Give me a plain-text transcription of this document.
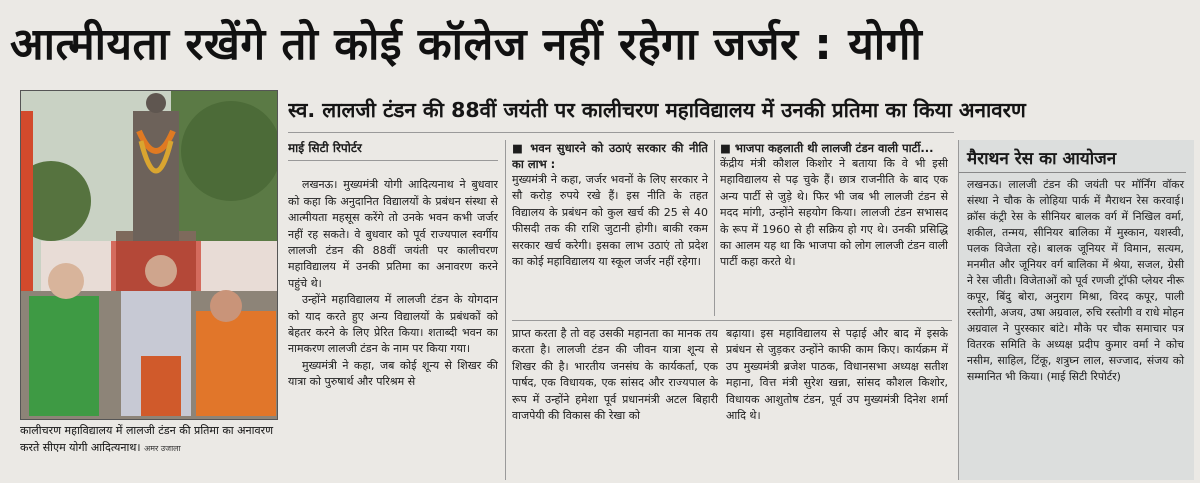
आत्मीयता रखेंगे तो कोई कॉलेज नहीं रहेगा जर्जर : योगी
कालीचरण महाविद्यालय में लालजी टंडन की प्रतिमा का अनावरण करते सीएम योगी आदित्यनाथ। अमर उजाला
स्व. लालजी टंडन की 88वीं जयंती पर कालीचरण महाविद्यालय में उनकी प्रतिमा का किया अनावरण
माई सिटी रिपोर्टर

लखनऊ। मुख्यमंत्री योगी आदित्यनाथ ने बुधवार को कहा कि अनुदानित विद्यालयों के प्रबंधन संस्था से आत्मीयता महसूस करेंगे तो उनके भवन कभी जर्जर नहीं रह सकते। वे बुधवार को पूर्व राज्यपाल स्वर्गीय लालजी टंडन की 88वीं जयंती पर कालीचरण महाविद्यालय में उनकी प्रतिमा का अनावरण करने पहुंचे थे।

उन्होंने महाविद्यालय में लालजी टंडन के योगदान को याद करते हुए अन्य विद्यालयों के प्रबंधकों को बेहतर करने के लिए प्रेरित किया। शताब्दी भवन का नामकरण लालजी टंडन के नाम पर किया गया।

मुख्यमंत्री ने कहा, जब कोई शून्य से शिखर की यात्रा को पुरुषार्थ और परिश्रम से

■ भवन सुधारने को उठाएं सरकार की नीति का लाभ :
मुख्यमंत्री ने कहा, जर्जर भवनों के लिए सरकार ने सौ करोड़ रुपये रखे हैं। इस नीति के तहत विद्यालय के प्रबंधन को कुल खर्च की 25 से 40 फीसदी तक की राशि जुटानी होगी। बाकी रकम सरकार खर्च करेगी। इसका लाभ उठाएं तो प्रदेश का कोई महाविद्यालय या स्कूल जर्जर नहीं रहेगा।
■ भाजपा कहलाती थी लालजी टंडन वाली पार्टी...
केंद्रीय मंत्री कौशल किशोर ने बताया कि वे भी इसी महाविद्यालय से पढ़ चुके हैं। छात्र राजनीति के बाद एक अन्य पार्टी से जुड़े थे। फिर भी जब भी लालजी टंडन से मदद मांगी, उन्होंने सहयोग किया। लालजी टंडन सभासद के रूप में 1960 से ही सक्रिय हो गए थे। उनकी प्रसिद्धि का आलम यह था कि भाजपा को लोग लालजी टंडन वाली पार्टी कहा करते थे।
प्राप्त करता है तो वह उसकी महानता का मानक तय करता है। लालजी टंडन की जीवन यात्रा शून्य से शिखर की है। भारतीय जनसंघ के कार्यकर्ता, एक पार्षद, एक विधायक, एक सांसद और राज्यपाल के रूप में उन्होंने हमेशा पूर्व प्रधानमंत्री अटल बिहारी वाजपेयी की विकास की रेखा को
बढ़ाया। इस महाविद्यालय से पढ़ाई और बाद में इसके प्रबंधन से जुड़कर उन्होंने काफी काम किए। कार्यक्रम में उप मुख्यमंत्री ब्रजेश पाठक, विधानसभा अध्यक्ष सतीश महाना, वित्त मंत्री सुरेश खन्ना, सांसद कौशल किशोर, विधायक आशुतोष टंडन, पूर्व उप मुख्यमंत्री दिनेश शर्मा आदि थे।
मैराथन रेस का आयोजन
लखनऊ। लालजी टंडन की जयंती पर मॉर्निंग वॉकर संस्था ने चौक के लोहिया पार्क में मैराथन रेस करवाई। क्रॉस कंट्री रेस के सीनियर बालक वर्ग में निखिल वर्मा, शकील, तन्मय, सीनियर बालिका में मुस्कान, यशस्वी, पलक विजेता रहे। बालक जूनियर में विमान, सत्यम, मनमीत और जूनियर वर्ग बालिका में श्रेया, सजल, ग्रेसी ने रेस जीती। विजेताओं को पूर्व रणजी ट्रॉफी प्लेयर नीरू कपूर, बिंदु बोरा, अनुराग मिश्रा, विरद कपूर, पाली रस्तोगी, अजय, उषा अग्रवाल, रुचि रस्तोगी व राधे मोहन अग्रवाल ने पुरस्कार बांटे। मौके पर चौक समाचार पत्र वितरक समिति के अध्यक्ष प्रदीप कुमार वर्मा ने कोच नसीम, साहिल, टिंकू, शत्रुघ्न लाल, सज्जाद, संजय को सम्मानित भी किया। (माई सिटी रिपोर्टर)
